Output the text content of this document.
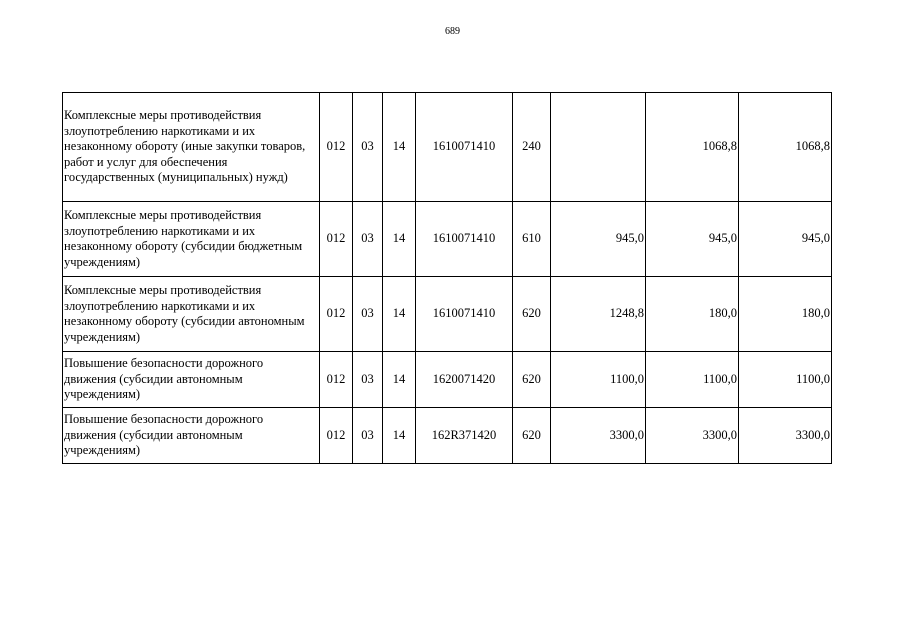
689
Комплексные меры противодействия злоупотреблению наркотиками и их незаконному обороту (иные закупки товаров, работ и услуг для обеспечения государственных (муниципальных) нужд)	012	03	14	1610071410	240		1068,8	1068,8
Комплексные меры противодействия злоупотреблению наркотиками и их незаконному обороту (субсидии бюджетным учреждениям)	012	03	14	1610071410	610	945,0	945,0	945,0
Комплексные меры противодействия злоупотреблению наркотиками и их незаконному обороту (субсидии автономным учреждениям)	012	03	14	1610071410	620	1248,8	180,0	180,0
Повышение безопасности дорожного движения (субсидии автономным учреждениям)	012	03	14	1620071420	620	1100,0	1100,0	1100,0
Повышение безопасности дорожного движения (субсидии автономным учреждениям)	012	03	14	162R371420	620	3300,0	3300,0	3300,0
